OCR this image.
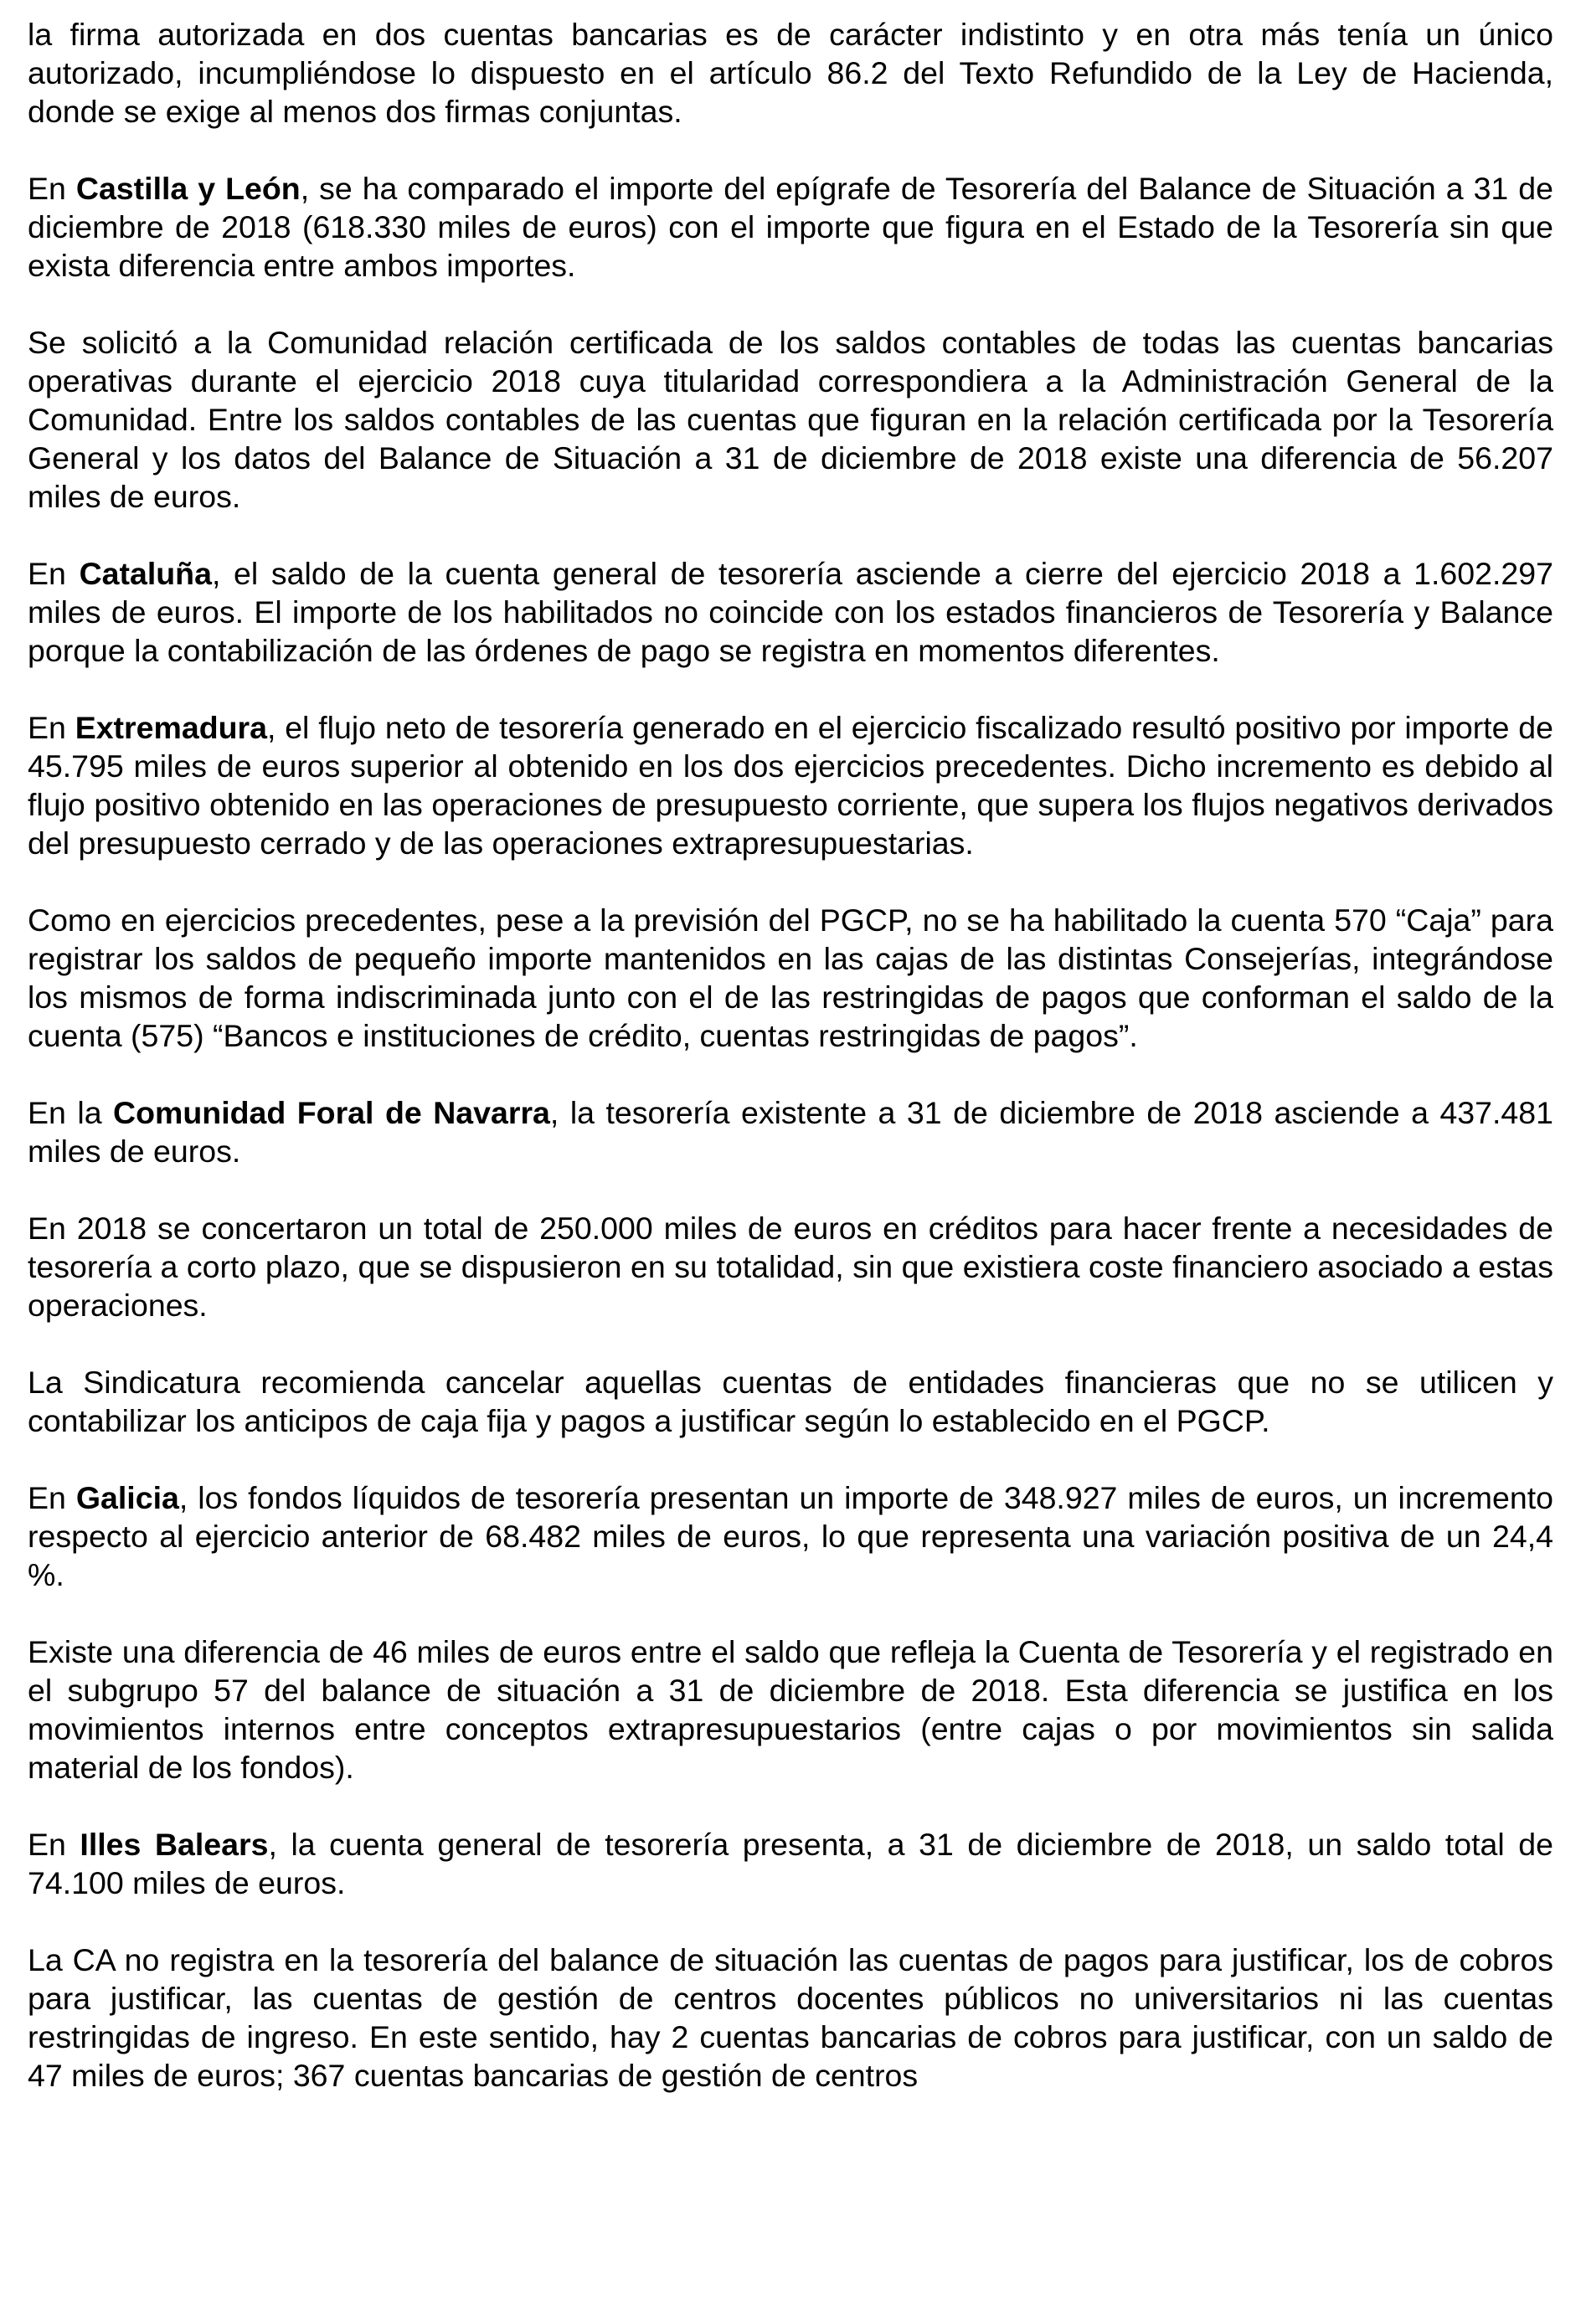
la firma autorizada en dos cuentas bancarias es de carácter indistinto y en otra más tenía un único autorizado, incumpliéndose lo dispuesto en el artículo 86.2 del Texto Refundido de la Ley de Hacienda, donde se exige al menos dos firmas conjuntas.

En Castilla y León, se ha comparado el importe del epígrafe de Tesorería del Balance de Situación a 31 de diciembre de 2018 (618.330 miles de euros) con el importe que figura en el Estado de la Tesorería sin que exista diferencia entre ambos importes.

Se solicitó a la Comunidad relación certificada de los saldos contables de todas las cuentas bancarias operativas durante el ejercicio 2018 cuya titularidad correspondiera a la Administración General de la Comunidad. Entre los saldos contables de las cuentas que figuran en la relación certificada por la Tesorería General y los datos del Balance de Situación a 31 de diciembre de 2018 existe una diferencia de 56.207 miles de euros.

En Cataluña, el saldo de la cuenta general de tesorería asciende a cierre del ejercicio 2018 a 1.602.297 miles de euros. El importe de los habilitados no coincide con los estados financieros de Tesorería y Balance porque la contabilización de las órdenes de pago se registra en momentos diferentes.

En Extremadura, el flujo neto de tesorería generado en el ejercicio fiscalizado resultó positivo por importe de 45.795 miles de euros superior al obtenido en los dos ejercicios precedentes. Dicho incremento es debido al flujo positivo obtenido en las operaciones de presupuesto corriente, que supera los flujos negativos derivados del presupuesto cerrado y de las operaciones extrapresupuestarias.

Como en ejercicios precedentes, pese a la previsión del PGCP, no se ha habilitado la cuenta 570 “Caja” para registrar los saldos de pequeño importe mantenidos en las cajas de las distintas Consejerías, integrándose los mismos de forma indiscriminada junto con el de las restringidas de pagos que conforman el saldo de la cuenta (575) “Bancos e instituciones de crédito, cuentas restringidas de pagos”.

En la Comunidad Foral de Navarra, la tesorería existente a 31 de diciembre de 2018 asciende a 437.481 miles de euros.

En 2018 se concertaron un total de 250.000 miles de euros en créditos para hacer frente a necesidades de tesorería a corto plazo, que se dispusieron en su totalidad, sin que existiera coste financiero asociado a estas operaciones.

La Sindicatura recomienda cancelar aquellas cuentas de entidades financieras que no se utilicen y contabilizar los anticipos de caja fija y pagos a justificar según lo establecido en el PGCP.

En Galicia, los fondos líquidos de tesorería presentan un importe de 348.927 miles de euros, un incremento respecto al ejercicio anterior de 68.482 miles de euros, lo que representa una variación positiva de un 24,4 %.

Existe una diferencia de 46 miles de euros entre el saldo que refleja la Cuenta de Tesorería y el registrado en el subgrupo 57 del balance de situación a 31 de diciembre de 2018. Esta diferencia se justifica en los movimientos internos entre conceptos extrapresupuestarios (entre cajas o por movimientos sin salida material de los fondos).

En Illes Balears, la cuenta general de tesorería presenta, a 31 de diciembre de 2018, un saldo total de 74.100 miles de euros.

La CA no registra en la tesorería del balance de situación las cuentas de pagos para justificar, los de cobros para justificar, las cuentas de gestión de centros docentes públicos no universitarios ni las cuentas restringidas de ingreso. En este sentido, hay 2 cuentas bancarias de cobros para justificar, con un saldo de 47 miles de euros; 367 cuentas bancarias de gestión de centros
